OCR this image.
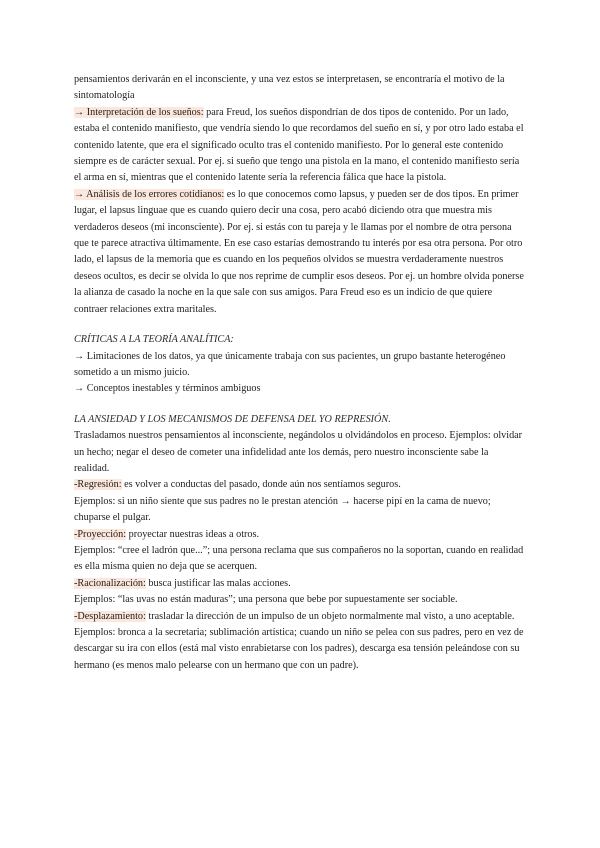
pensamientos derivarán en el inconsciente, y una vez estos se interpretasen, se encontraría el motivo de la sintomatología

→ Interpretación de los sueños: para Freud, los sueños dispondrían de dos tipos de contenido. Por un lado, estaba el contenido manifiesto, que vendría siendo lo que recordamos del sueño en sí, y por otro lado estaba el contenido latente, que era el significado oculto tras el contenido manifiesto. Por lo general este contenido siempre es de carácter sexual. Por ej. si sueño que tengo una pistola en la mano, el contenido manifiesto sería el arma en sí, mientras que el contenido latente sería la referencia fálica que hace la pistola.

→ Análisis de los errores cotidianos: es lo que conocemos como lapsus, y pueden ser de dos tipos. En primer lugar, el lapsus linguae que es cuando quiero decir una cosa, pero acabó diciendo otra que muestra mis verdaderos deseos (mi inconsciente). Por ej. si estás con tu pareja y le llamas por el nombre de otra persona que te parece atractiva últimamente. En ese caso estarías demostrando tu interés por esa otra persona. Por otro lado, el lapsus de la memoria que es cuando en los pequeños olvidos se muestra verdaderamente nuestros deseos ocultos, es decir se olvida lo que nos reprime de cumplir esos deseos. Por ej. un hombre olvida ponerse la alianza de casado la noche en la que sale con sus amigos. Para Freud eso es un indicio de que quiere contraer relaciones extra maritales.

CRÍTICAS A LA TEORÍA ANALÍTICA:

→ Limitaciones de los datos, ya que únicamente trabaja con sus pacientes, un grupo bastante heterogéneo sometido a un mismo juicio.

→ Conceptos inestables y términos ambiguos

LA ANSIEDAD Y LOS MECANISMOS DE DEFENSA DEL YO REPRESIÓN.

Trasladamos nuestros pensamientos al inconsciente, negándolos u olvidándolos en proceso. Ejemplos: olvidar un hecho; negar el deseo de cometer una infidelidad ante los demás, pero nuestro inconsciente sabe la realidad.

-Regresión: es volver a conductas del pasado, donde aún nos sentíamos seguros.

Ejemplos: si un niño siente que sus padres no le prestan atención → hacerse pipí en la cama de nuevo; chuparse el pulgar.

-Proyección: proyectar nuestras ideas a otros.

Ejemplos: “cree el ladrón que...”; una persona reclama que sus compañeros no la soportan, cuando en realidad es ella misma quien no deja que se acerquen.

-Racionalización: busca justificar las malas acciones.

Ejemplos: “las uvas no están maduras”; una persona que bebe por supuestamente ser sociable.

-Desplazamiento: trasladar la dirección de un impulso de un objeto normalmente mal visto, a uno aceptable.

Ejemplos: bronca a la secretaria; sublimación artística; cuando un niño se pelea con sus padres, pero en vez de descargar su ira con ellos (está mal visto enrabietarse con los padres), descarga esa tensión peleándose con su hermano (es menos malo pelearse con un hermano que con un padre).
